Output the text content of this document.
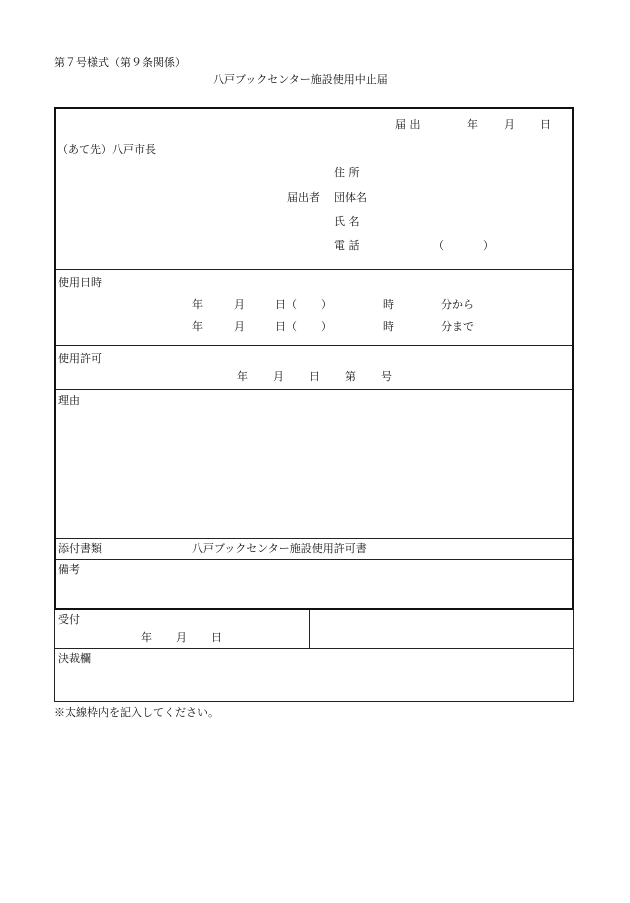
第７号様式（第９条関係）
八戸ブックセンター施設使用中止届
届 出	年 月 日
（あて先）八戸市長
住 所
届出者 団体名
氏 名
電 話	（	）
使用日時
年	月	日（ ）	時	分から
年	月	日（ ）	時	分まで
使用許可
年 月 日 第 号
理由
添付書類	八戸ブックセンター施設使用許可書
備考
受付
年 月 日
決裁欄
※太線枠内を記入してください。
